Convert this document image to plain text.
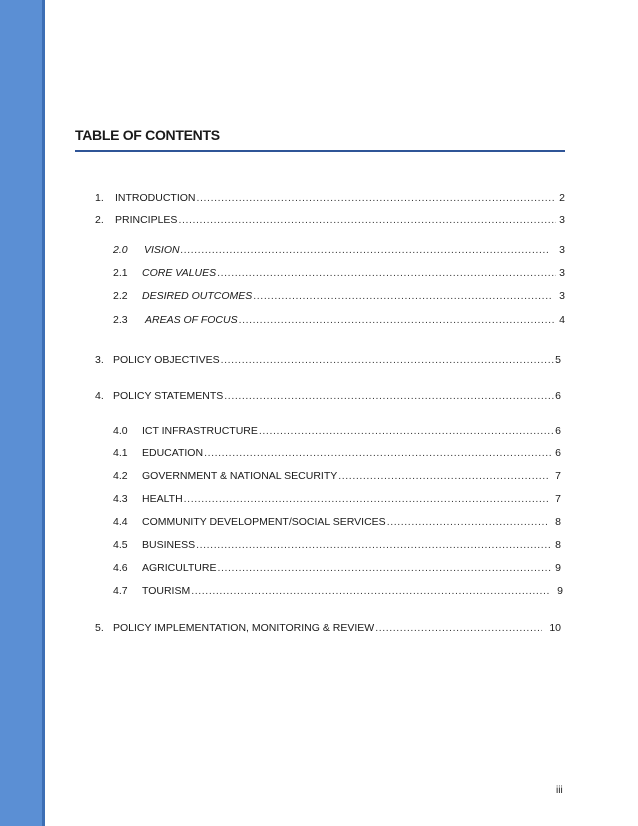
TABLE OF CONTENTS
1.	INTRODUCTION .....	2
2.	PRINCIPLES .....	3
2.0	VISION .....	3
2.1	CORE VALUES .....	3
2.2	DESIRED OUTCOMES .....	3
2.3	AREAS OF FOCUS .....	4
3. POLICY OBJECTIVES .....	5
4. POLICY STATEMENTS .....	6
4.0	ICT INFRASTRUCTURE .....	6
4.1	EDUCATION .....	6
4.2	GOVERNMENT & NATIONAL SECURITY .....	7
4.3	HEALTH .....	7
4.4	COMMUNITY DEVELOPMENT/SOCIAL SERVICES .....	8
4.5	BUSINESS .....	8
4.6	AGRICULTURE .....	9
4.7	TOURISM .....	9
5. POLICY IMPLEMENTATION, MONITORING & REVIEW .....	10
iii
